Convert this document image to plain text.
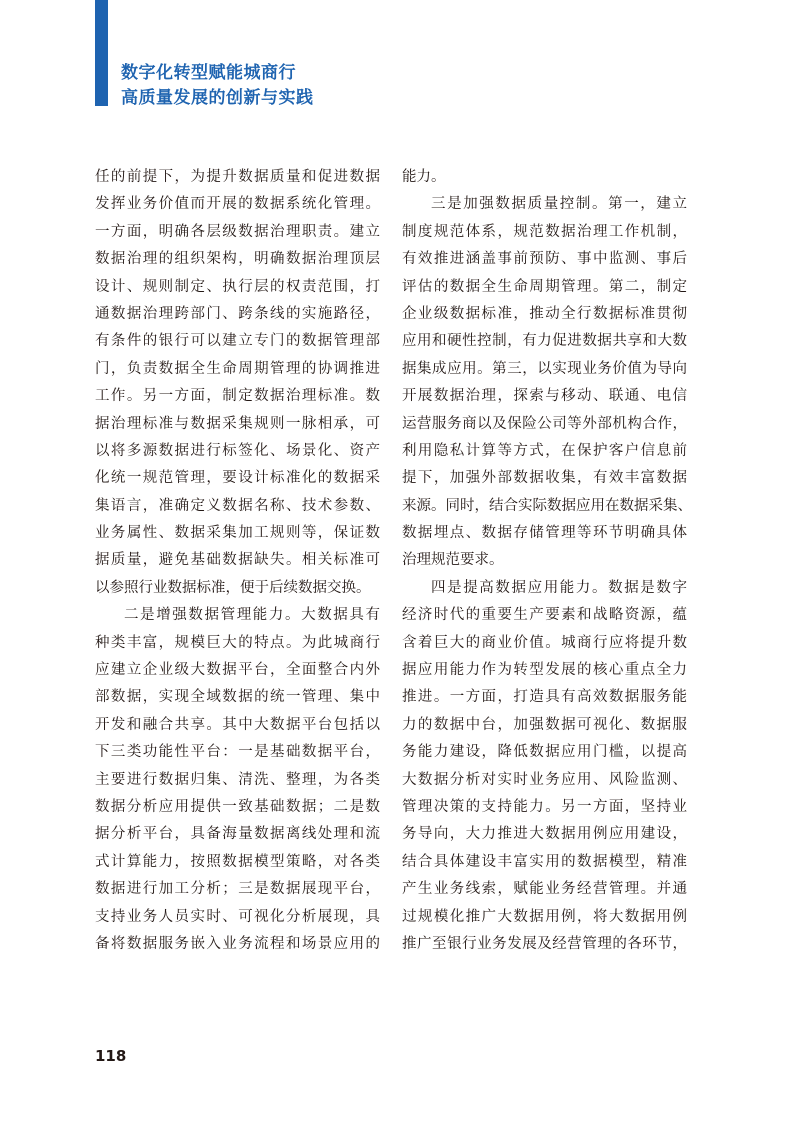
数字化转型赋能城商行
高质量发展的创新与实践
任的前提下，为提升数据质量和促进数据
发挥业务价值而开展的数据系统化管理。
一方面，明确各层级数据治理职责。建立
数据治理的组织架构，明确数据治理顶层
设计、规则制定、执行层的权责范围，打
通数据治理跨部门、跨条线的实施路径，
有条件的银行可以建立专门的数据管理部
门，负责数据全生命周期管理的协调推进
工作。另一方面，制定数据治理标准。数
据治理标准与数据采集规则一脉相承，可
以将多源数据进行标签化、场景化、资产
化统一规范管理，要设计标准化的数据采
集语言，准确定义数据名称、技术参数、
业务属性、数据采集加工规则等，保证数
据质量，避免基础数据缺失。相关标准可
以参照行业数据标准，便于后续数据交换。
二是增强数据管理能力。大数据具有
种类丰富，规模巨大的特点。为此城商行
应建立企业级大数据平台，全面整合内外
部数据，实现全域数据的统一管理、集中
开发和融合共享。其中大数据平台包括以
下三类功能性平台：一是基础数据平台，
主要进行数据归集、清洗、整理，为各类
数据分析应用提供一致基础数据；二是数
据分析平台，具备海量数据离线处理和流
式计算能力，按照数据模型策略，对各类
数据进行加工分析；三是数据展现平台，
支持业务人员实时、可视化分析展现，具
备将数据服务嵌入业务流程和场景应用的
能力。
三是加强数据质量控制。第一，建立
制度规范体系，规范数据治理工作机制，
有效推进涵盖事前预防、事中监测、事后
评估的数据全生命周期管理。第二，制定
企业级数据标准，推动全行数据标准贯彻
应用和硬性控制，有力促进数据共享和大数
据集成应用。第三，以实现业务价值为导向
开展数据治理，探索与移动、联通、电信
运营服务商以及保险公司等外部机构合作，
利用隐私计算等方式，在保护客户信息前
提下，加强外部数据收集，有效丰富数据
来源。同时，结合实际数据应用在数据采集、
数据埋点、数据存储管理等环节明确具体
治理规范要求。
四是提高数据应用能力。数据是数字
经济时代的重要生产要素和战略资源，蕴
含着巨大的商业价值。城商行应将提升数
据应用能力作为转型发展的核心重点全力
推进。一方面，打造具有高效数据服务能
力的数据中台，加强数据可视化、数据服
务能力建设，降低数据应用门槛，以提高
大数据分析对实时业务应用、风险监测、
管理决策的支持能力。另一方面，坚持业
务导向，大力推进大数据用例应用建设，
结合具体建设丰富实用的数据模型，精准
产生业务线索，赋能业务经营管理。并通
过规模化推广大数据用例，将大数据用例
推广至银行业务发展及经营管理的各环节，
118
